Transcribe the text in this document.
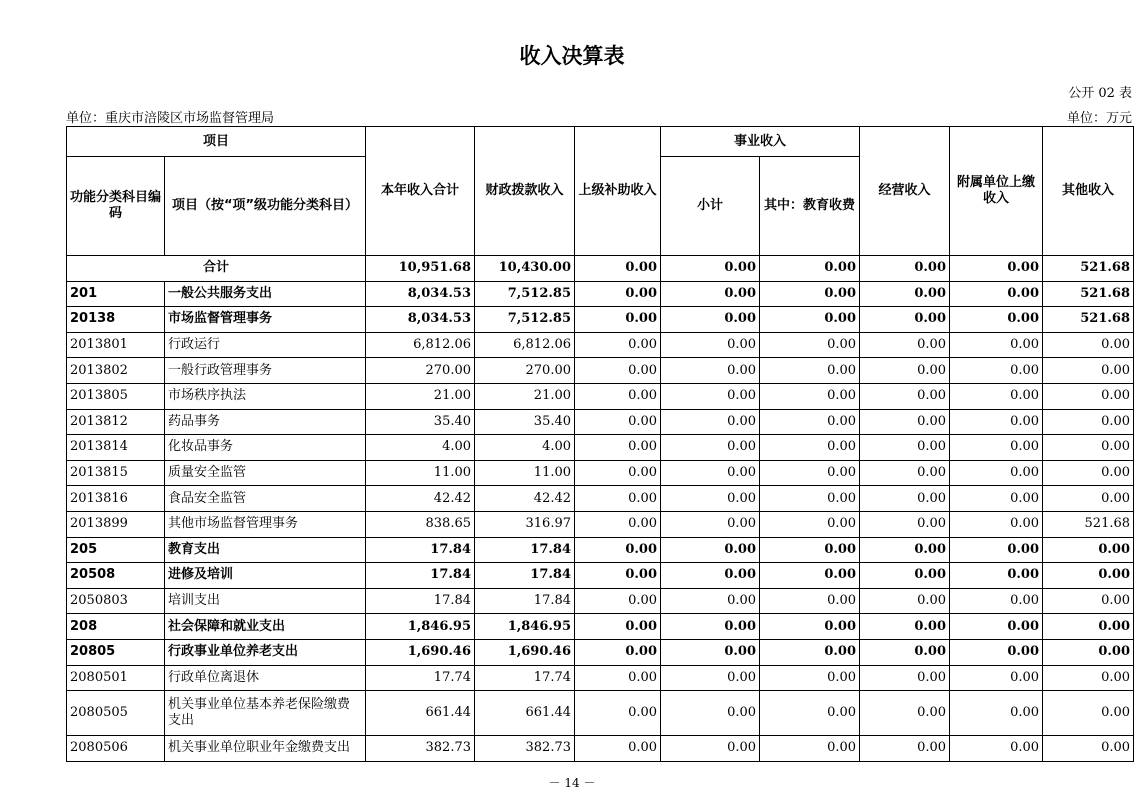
收入决算表
公开 02 表
单位：重庆市涪陵区市场监督管理局	单位：万元
项目		本年收入合计	财政拨款收入	上级补助收入	事业收入		经营收入	附属单位上缴收入	其他收入
功能分类科目编码	项目（按“项”级功能分类科目）				小计	其中：教育收费			
合计		10,951.68	10,430.00	0.00	0.00	0.00	0.00	0.00	521.68
201	一般公共服务支出	8,034.53	7,512.85	0.00	0.00	0.00	0.00	0.00	521.68
20138	市场监督管理事务	8,034.53	7,512.85	0.00	0.00	0.00	0.00	0.00	521.68
2013801	行政运行	6,812.06	6,812.06	0.00	0.00	0.00	0.00	0.00	0.00
2013802	一般行政管理事务	270.00	270.00	0.00	0.00	0.00	0.00	0.00	0.00
2013805	市场秩序执法	21.00	21.00	0.00	0.00	0.00	0.00	0.00	0.00
2013812	药品事务	35.40	35.40	0.00	0.00	0.00	0.00	0.00	0.00
2013814	化妆品事务	4.00	4.00	0.00	0.00	0.00	0.00	0.00	0.00
2013815	质量安全监管	11.00	11.00	0.00	0.00	0.00	0.00	0.00	0.00
2013816	食品安全监管	42.42	42.42	0.00	0.00	0.00	0.00	0.00	0.00
2013899	其他市场监督管理事务	838.65	316.97	0.00	0.00	0.00	0.00	0.00	521.68
205	教育支出	17.84	17.84	0.00	0.00	0.00	0.00	0.00	0.00
20508	进修及培训	17.84	17.84	0.00	0.00	0.00	0.00	0.00	0.00
2050803	培训支出	17.84	17.84	0.00	0.00	0.00	0.00	0.00	0.00
208	社会保障和就业支出	1,846.95	1,846.95	0.00	0.00	0.00	0.00	0.00	0.00
20805	行政事业单位养老支出	1,690.46	1,690.46	0.00	0.00	0.00	0.00	0.00	0.00
2080501	行政单位离退休	17.74	17.74	0.00	0.00	0.00	0.00	0.00	0.00
2080505	机关事业单位基本养老保险缴费支出	661.44	661.44	0.00	0.00	0.00	0.00	0.00	0.00
2080506	机关事业单位职业年金缴费支出	382.73	382.73	0.00	0.00	0.00	0.00	0.00	0.00
－ 14 －
